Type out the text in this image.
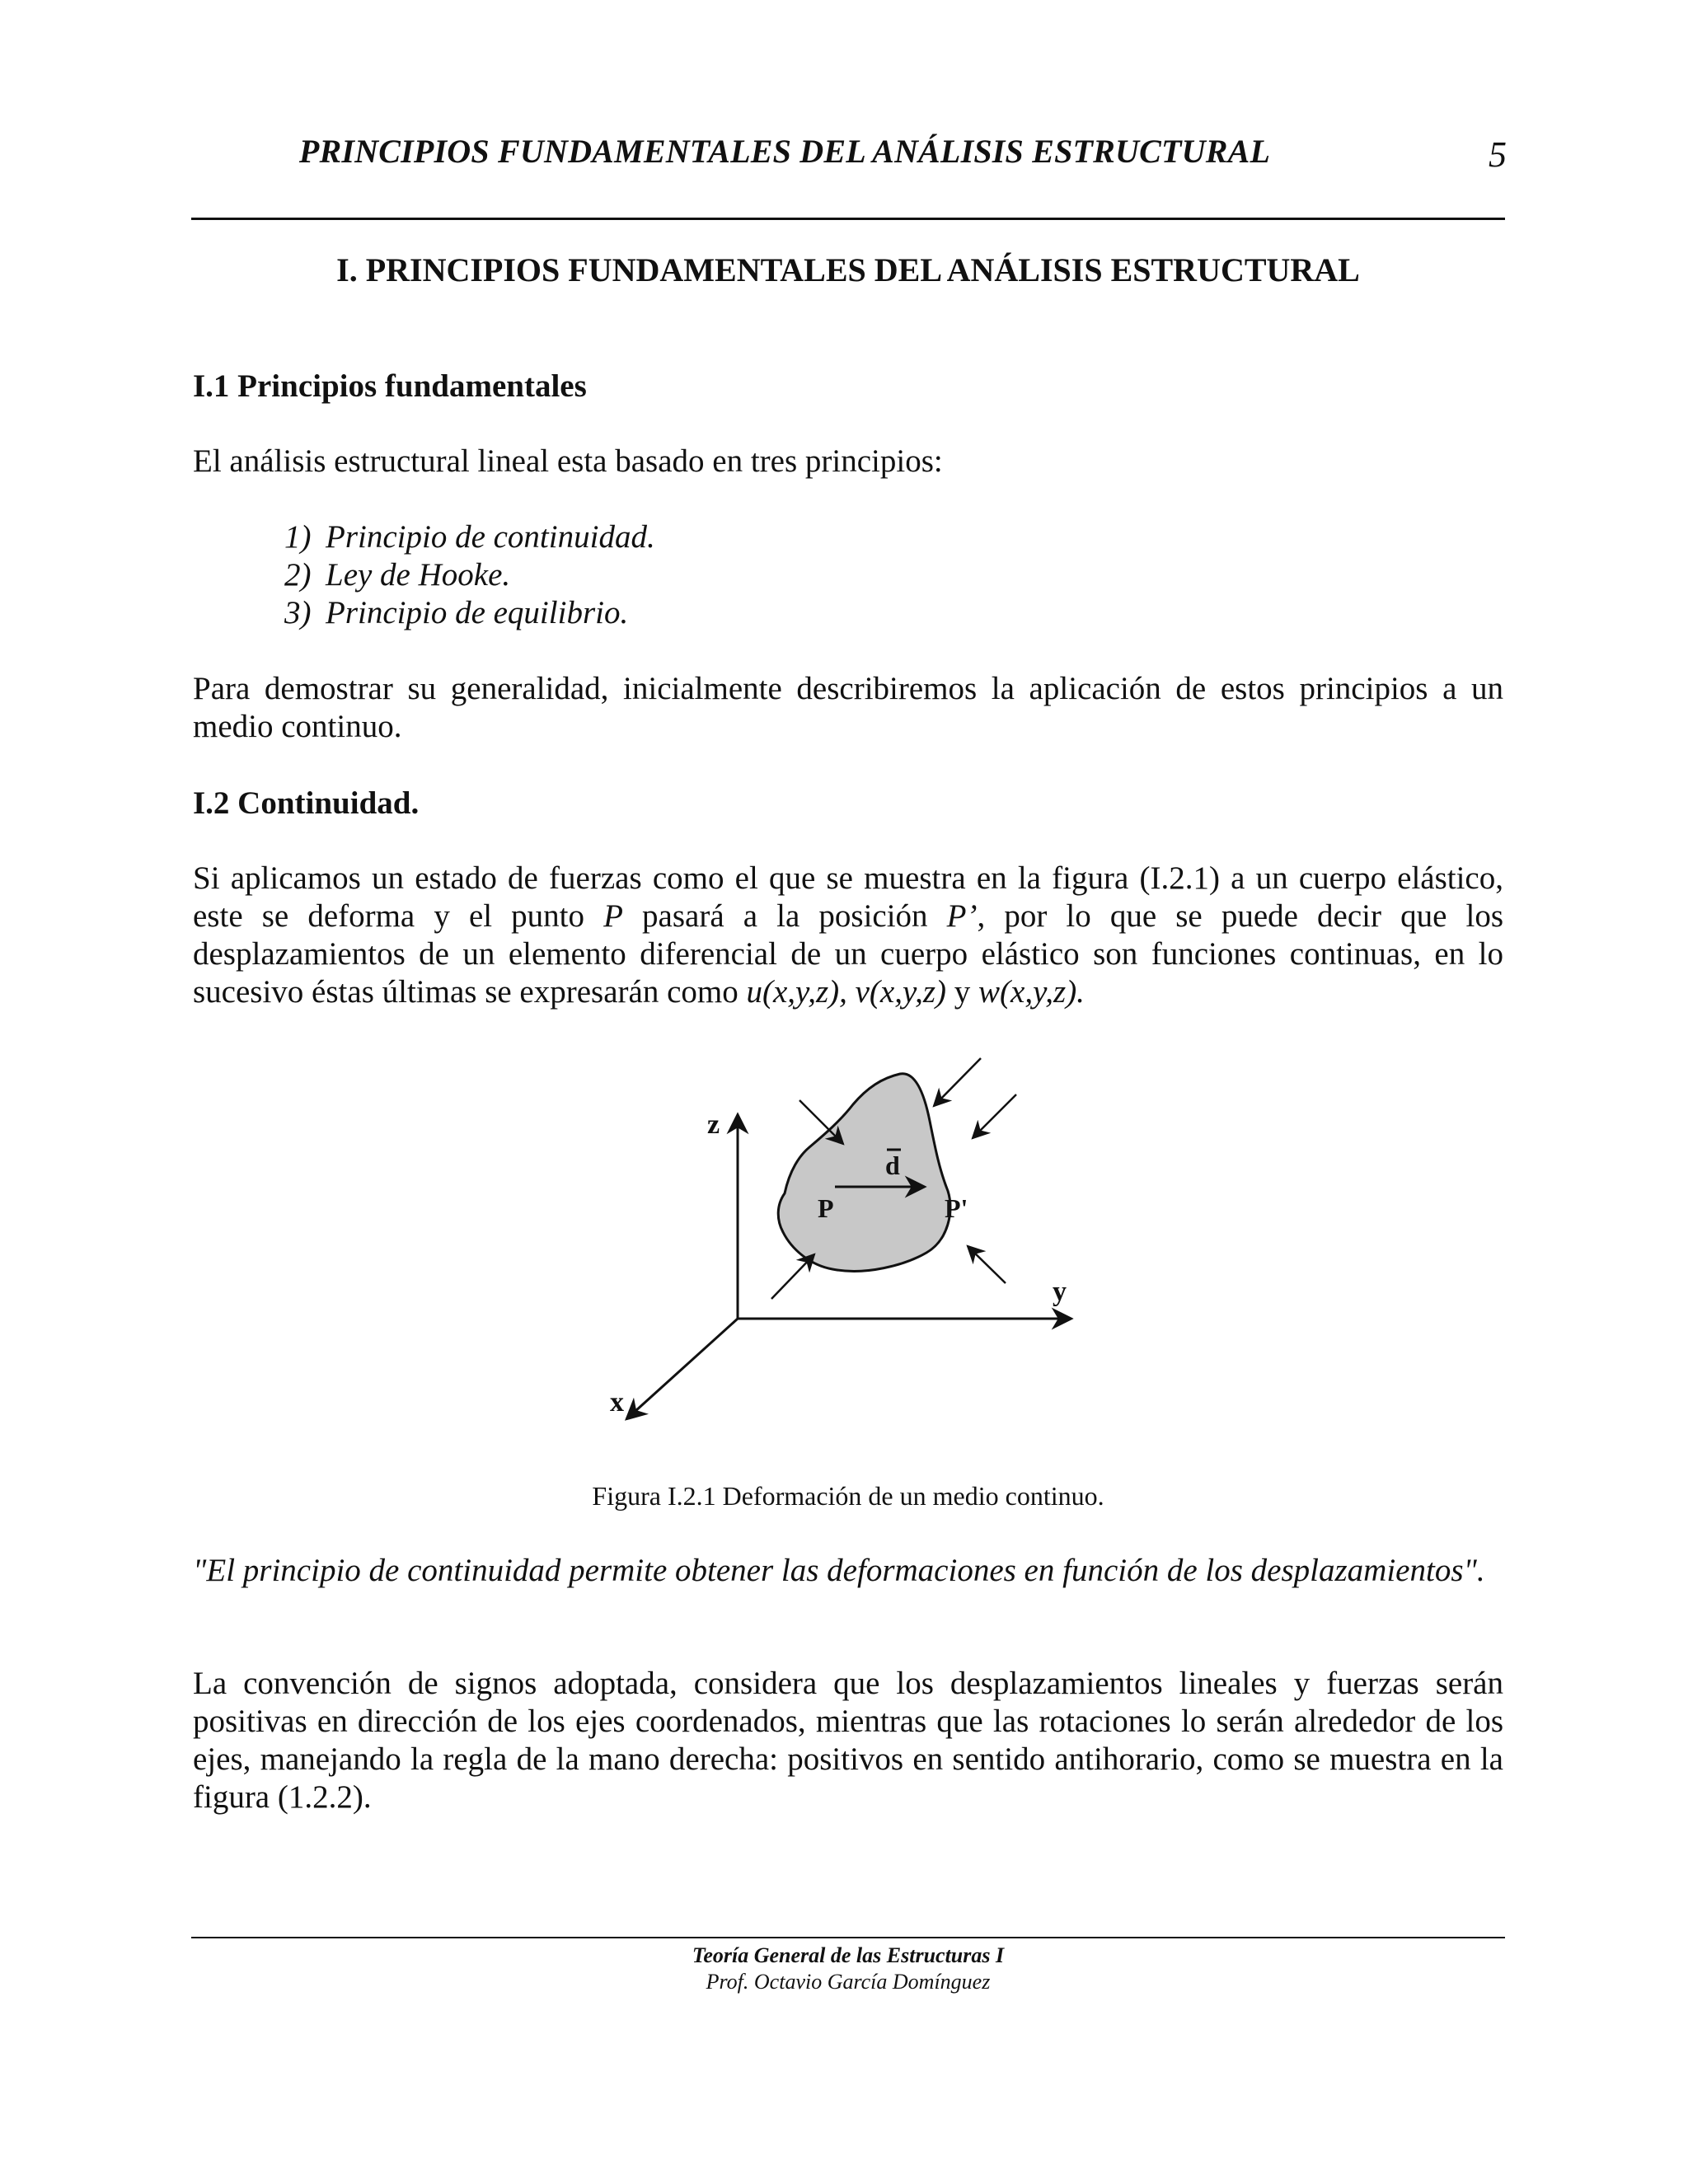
PRINCIPIOS FUNDAMENTALES DEL ANÁLISIS ESTRUCTURAL	5
I. PRINCIPIOS FUNDAMENTALES DEL ANÁLISIS ESTRUCTURAL
I.1 Principios fundamentales

El análisis estructural lineal esta basado en tres principios:

1) Principio de continuidad.
2) Ley de Hooke.
3) Principio de equilibrio.

Para demostrar su generalidad, inicialmente describiremos la aplicación de estos principios a un medio continuo.

I.2 Continuidad.

Si aplicamos un estado de fuerzas como el que se muestra en la figura (I.2.1) a un cuerpo elástico, este se deforma y el punto P pasará a la posición P’, por lo que se puede decir que los desplazamientos de un elemento diferencial de un cuerpo elástico son funciones continuas, en lo sucesivo éstas últimas se expresarán como u(x,y,z), v(x,y,z) y w(x,y,z).

z
y
x
d
P	P'
Figura I.2.1 Deformación de un medio continuo.

"El principio de continuidad permite obtener las deformaciones en función de los desplazamientos".

La convención de signos adoptada, considera que los desplazamientos lineales y fuerzas serán positivas en dirección de los ejes coordenados, mientras que las rotaciones lo serán alrededor de los ejes, manejando la regla de la mano derecha: positivos en sentido antihorario, como se muestra en la figura (1.2.2).

Teoría General de las Estructuras I
Prof. Octavio García Domínguez
